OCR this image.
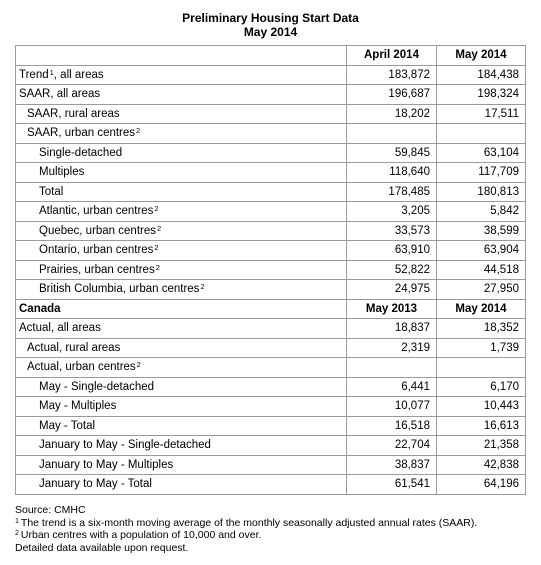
Preliminary Housing Start Data
May 2014
	April 2014	May 2014
Trend$^1$, all areas	183,872	184,438
SAAR, all areas	196,687	198,324
SAAR, rural areas	18,202	17,511
SAAR, urban centres$^2$		
Single-detached	59,845	63,104
Multiples	118,640	117,709
Total	178,485	180,813
Atlantic, urban centres$^2$	3,205	5,842
Quebec, urban centres$^2$	33,573	38,599
Ontario, urban centres$^2$	63,910	63,904
Prairies, urban centres$^2$	52,822	44,518
British Columbia, urban centres$^2$	24,975	27,950
Canada	May 2013	May 2014
Actual, all areas	18,837	18,352
Actual, rural areas	2,319	1,739
Actual, urban centres$^2$		
May - Single-detached	6,441	6,170
May - Multiples	10,077	10,443
May - Total	16,518	16,613
January to May - Single-detached	22,704	21,358
January to May - Multiples	38,837	42,838
January to May - Total	61,541	64,196
Source: CMHC
$^1$ The trend is a six-month moving average of the monthly seasonally adjusted annual rates (SAAR).
$^2$ Urban centres with a population of 10,000 and over.
Detailed data available upon request.
